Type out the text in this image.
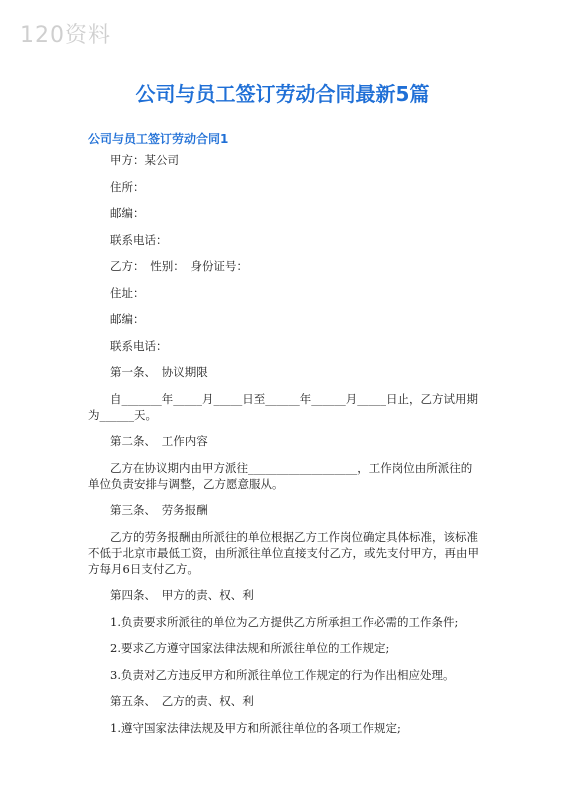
120资料
公司与员工签订劳动合同最新5篇
公司与员工签订劳动合同1

甲方：某公司

住所：

邮编：

联系电话：

乙方：　性别：　身份证号：

住址：

邮编：

联系电话：

第一条、　协议期限

自_______年_____月_____日至______年______月_____日止，乙方试用期为______天。

第二条、　工作内容

乙方在协议期内由甲方派往___________________，工作岗位由所派往的单位负责安排与调整，乙方愿意服从。

第三条、　劳务报酬

乙方的劳务报酬由所派往的单位根据乙方工作岗位确定具体标准，该标准不低于北京市最低工资，由所派往单位直接支付乙方，或先支付甲方，再由甲方每月6日支付乙方。

第四条、　甲方的责、权、利

1.负责要求所派往的单位为乙方提供乙方所承担工作必需的工作条件;

2.要求乙方遵守国家法律法规和所派往单位的工作规定;

3.负责对乙方违反甲方和所派往单位工作规定的行为作出相应处理。

第五条、　乙方的责、权、利

1.遵守国家法律法规及甲方和所派往单位的各项工作规定;
